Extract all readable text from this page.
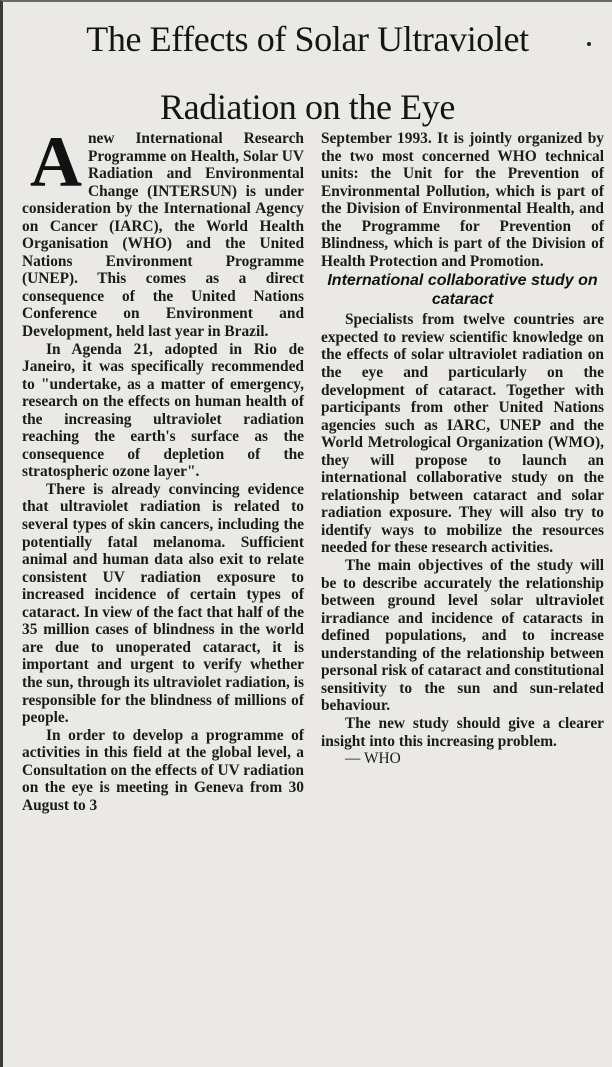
The Effects of Solar Ultraviolet
Radiation on the Eye

A new International Research Programme on Health, Solar UV Radiation and Environmental Change (INTERSUN) is under consideration by the International Agency on Cancer (IARC), the World Health Organisation (WHO) and the United Nations Environment Programme (UNEP). This comes as a direct consequence of the United Nations Conference on Environment and Development, held last year in Brazil.

In Agenda 21, adopted in Rio de Janeiro, it was specifically recommended to "undertake, as a matter of emergency, research on the effects on human health of the increasing ultraviolet radiation reaching the earth's surface as the consequence of depletion of the stratospheric ozone layer".

There is already convincing evidence that ultraviolet radiation is related to several types of skin cancers, including the potentially fatal melanoma. Sufficient animal and human data also exit to relate consistent UV radiation exposure to increased incidence of certain types of cataract. In view of the fact that half of the 35 million cases of blindness in the world are due to unoperated cataract, it is important and urgent to verify whether the sun, through its ultraviolet radiation, is responsible for the blindness of millions of people.

In order to develop a programme of activities in this field at the global level, a Consultation on the effects of UV radiation on the eye is meeting in Geneva from 30 August to 3

September 1993. It is jointly organized by the two most concerned WHO technical units: the Unit for the Prevention of Environmental Pollution, which is part of the Division of Environmental Health, and the Programme for Prevention of Blindness, which is part of the Division of Health Protection and Promotion.

International collaborative study on cataract

Specialists from twelve countries are expected to review scientific knowledge on the effects of solar ultraviolet radiation on the eye and particularly on the development of cataract. Together with participants from other United Nations agencies such as IARC, UNEP and the World Metrological Organization (WMO), they will propose to launch an international collaborative study on the relationship between cataract and solar radiation exposure. They will also try to identify ways to mobilize the resources needed for these research activities.

The main objectives of the study will be to describe accurately the relationship between ground level solar ultraviolet irradiance and incidence of cataracts in defined populations, and to increase understanding of the relationship between personal risk of cataract and constitutional sensitivity to the sun and sun-related behaviour.

The new study should give a clearer insight into this increasing problem.

— WHO
